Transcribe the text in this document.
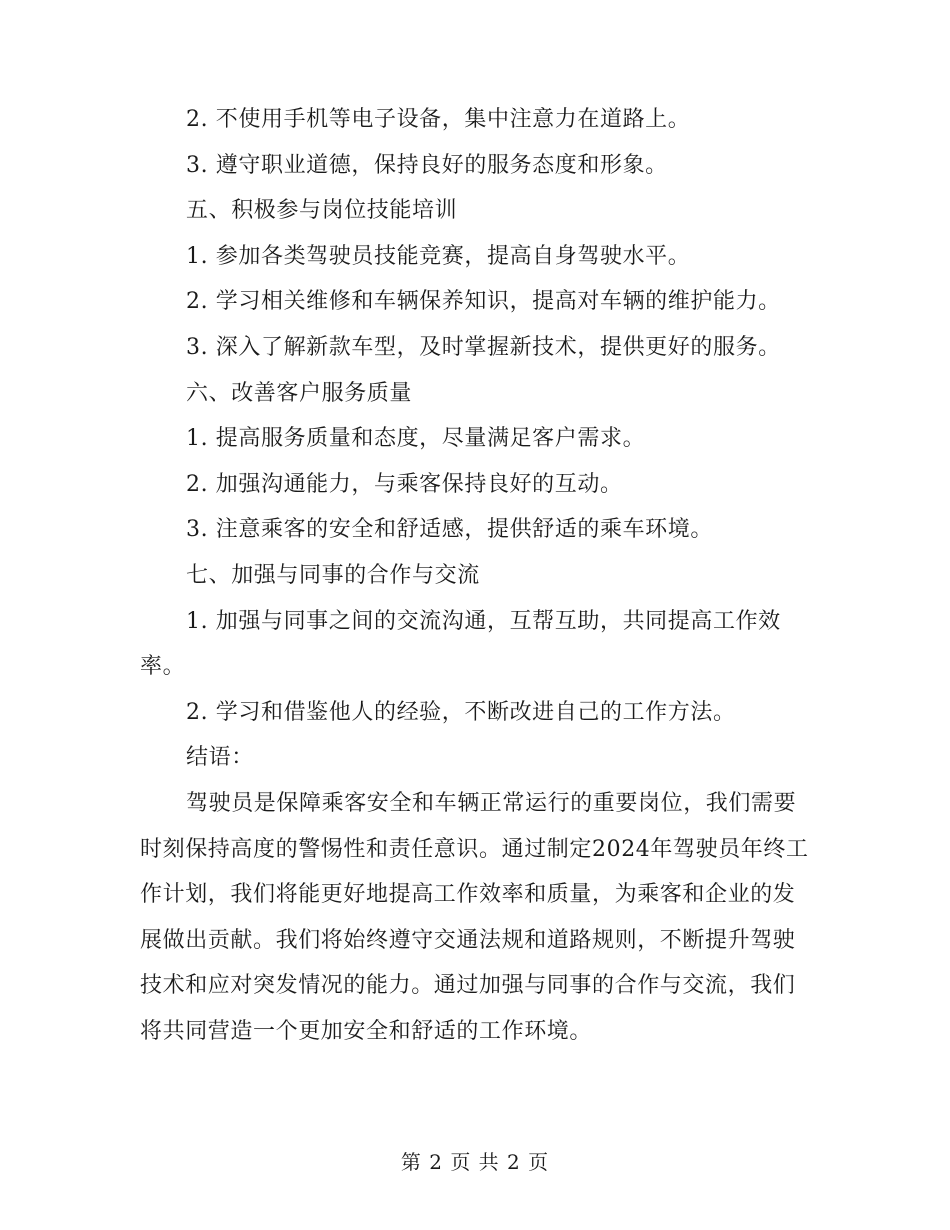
2. 不使用手机等电子设备，集中注意力在道路上。

3. 遵守职业道德，保持良好的服务态度和形象。

五、积极参与岗位技能培训

1. 参加各类驾驶员技能竞赛，提高自身驾驶水平。

2. 学习相关维修和车辆保养知识，提高对车辆的维护能力。

3. 深入了解新款车型，及时掌握新技术，提供更好的服务。

六、改善客户服务质量

1. 提高服务质量和态度，尽量满足客户需求。

2. 加强沟通能力，与乘客保持良好的互动。

3. 注意乘客的安全和舒适感，提供舒适的乘车环境。

七、加强与同事的合作与交流

1. 加强与同事之间的交流沟通，互帮互助，共同提高工作效率。

2. 学习和借鉴他人的经验，不断改进自己的工作方法。

结语：

驾驶员是保障乘客安全和车辆正常运行的重要岗位，我们需要时刻保持高度的警惕性和责任意识。通过制定2024年驾驶员年终工作计划，我们将能更好地提高工作效率和质量，为乘客和企业的发展做出贡献。我们将始终遵守交通法规和道路规则，不断提升驾驶技术和应对突发情况的能力。通过加强与同事的合作与交流，我们将共同营造一个更加安全和舒适的工作环境。

第 2 页 共 2 页
